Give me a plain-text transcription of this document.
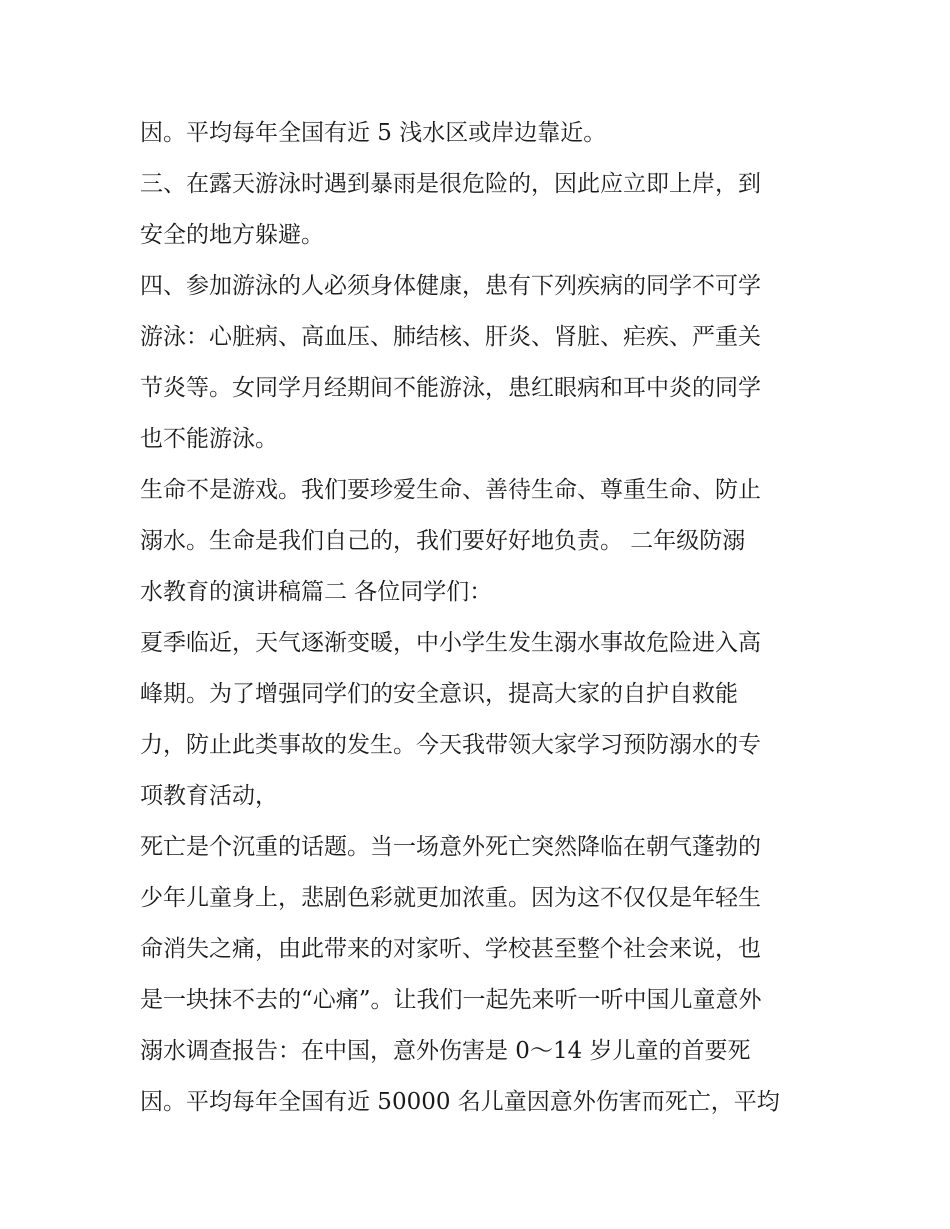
因。平均每年全国有近 5 浅水区或岸边靠近。
三、在露天游泳时遇到暴雨是很危险的，因此应立即上岸，到
安全的地方躲避。
四、参加游泳的人必须身体健康，患有下列疾病的同学不可学
游泳：心脏病、高血压、肺结核、肝炎、肾脏、疟疾、严重关
节炎等。女同学月经期间不能游泳，患红眼病和耳中炎的同学
也不能游泳。
生命不是游戏。我们要珍爱生命、善待生命、尊重生命、防止
溺水。生命是我们自己的，我们要好好地负责。 二年级防溺
水教育的演讲稿篇二 各位同学们：
夏季临近，天气逐渐变暖，中小学生发生溺水事故危险进入高
峰期。为了增强同学们的安全意识，提高大家的自护自救能
力，防止此类事故的发生。今天我带领大家学习预防溺水的专
项教育活动，
死亡是个沉重的话题。当一场意外死亡突然降临在朝气蓬勃的
少年儿童身上，悲剧色彩就更加浓重。因为这不仅仅是年轻生
命消失之痛，由此带来的对家听、学校甚至整个社会来说，也
是一块抹不去的“心痛”。让我们一起先来听一听中国儿童意外
溺水调查报告：在中国，意外伤害是 0～14 岁儿童的首要死
因。平均每年全国有近 50000 名儿童因意外伤害而死亡，平均
